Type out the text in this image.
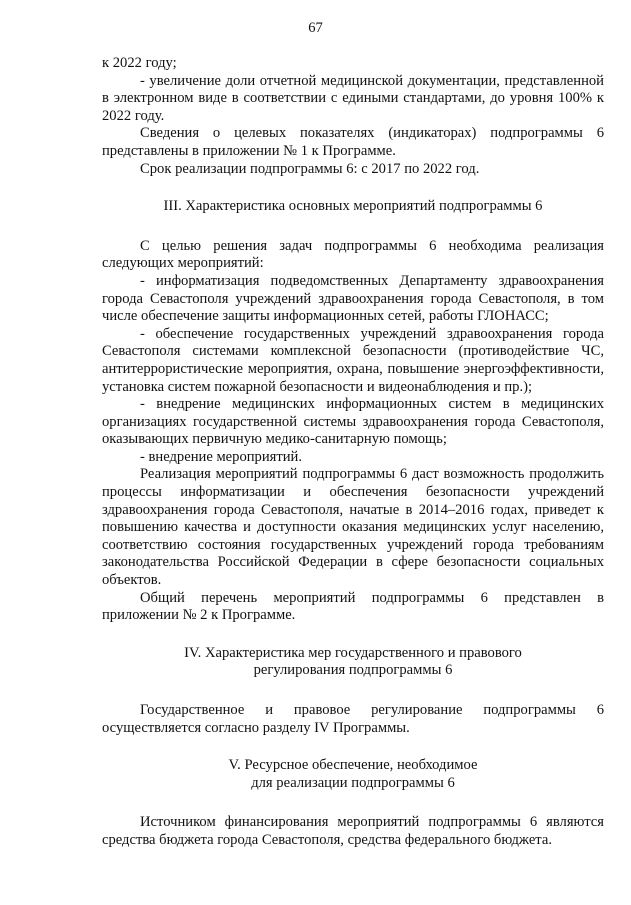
67

к 2022 году;

- увеличение доли отчетной медицинской документации, представленной в электронном виде в соответствии с едиными стандартами, до уровня 100% к 2022 году.

Сведения о целевых показателях (индикаторах) подпрограммы 6 представлены в приложении № 1 к Программе.

Срок реализации подпрограммы 6: с 2017 по 2022 год.

III. Характеристика основных мероприятий подпрограммы 6

С целью решения задач подпрограммы 6 необходима реализация следующих мероприятий:

- информатизация подведомственных Департаменту здравоохранения города Севастополя учреждений здравоохранения города Севастополя, в том числе обеспечение защиты информационных сетей, работы ГЛОНАСС;

- обеспечение государственных учреждений здравоохранения города Севастополя системами комплексной безопасности (противодействие ЧС, антитеррористические мероприятия, охрана, повышение энергоэффективности, установка систем пожарной безопасности и видеонаблюдения и пр.);

- внедрение медицинских информационных систем в медицинских организациях государственной системы здравоохранения города Севастополя, оказывающих первичную медико-санитарную помощь;

- внедрение мероприятий.

Реализация мероприятий подпрограммы 6 даст возможность продолжить процессы информатизации и обеспечения безопасности учреждений здравоохранения города Севастополя, начатые в 2014–2016 годах, приведет к повышению качества и доступности оказания медицинских услуг населению, соответствию состояния государственных учреждений города требованиям законодательства Российской Федерации в сфере безопасности социальных объектов.

Общий перечень мероприятий подпрограммы 6 представлен в приложении № 2 к Программе.

IV. Характеристика мер государственного и правового

регулирования подпрограммы 6

Государственное и правовое регулирование подпрограммы 6 осуществляется согласно разделу IV Программы.

V. Ресурсное обеспечение, необходимое

для реализации подпрограммы 6

Источником финансирования мероприятий подпрограммы 6 являются средства бюджета города Севастополя, средства федерального бюджета.
